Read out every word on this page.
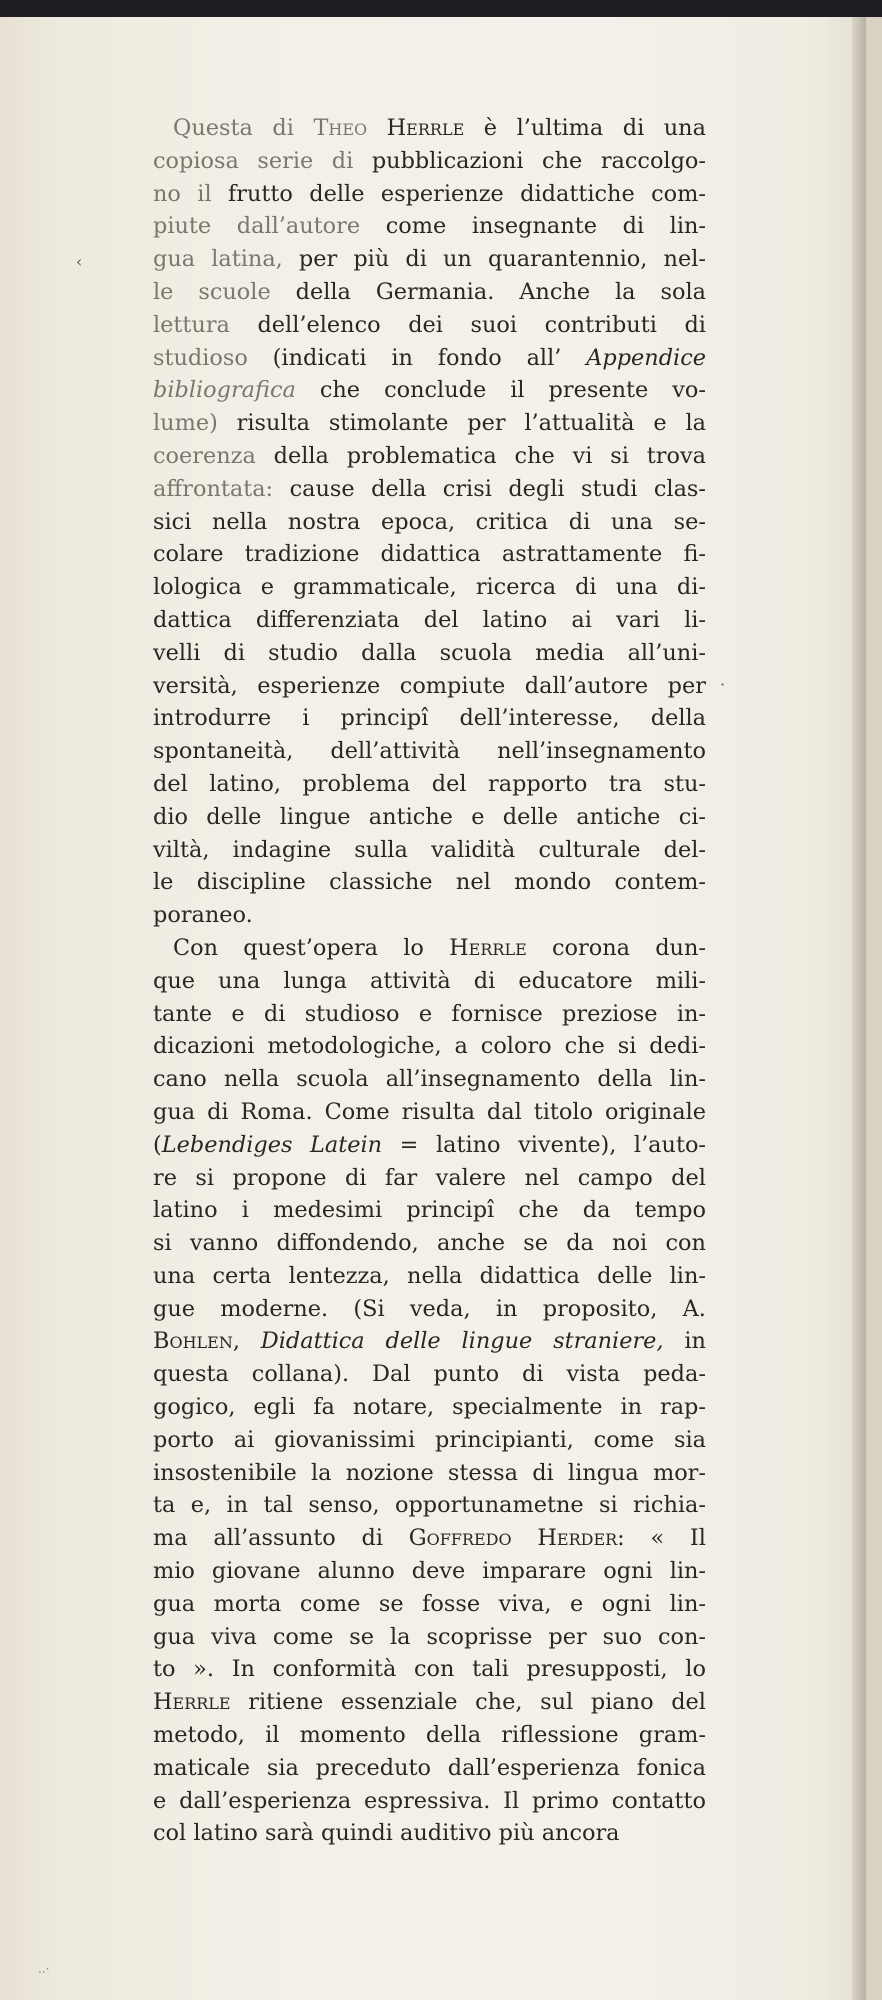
‹
·
..·
Questa di Theo Herrle è l’ultima di una
copiosa serie di pubblicazioni che raccolgo-
no il frutto delle esperienze didattiche com-
piute dall’autore come insegnante di lin-
gua latina, per più di un quarantennio, nel-
le scuole della Germania. Anche la sola
lettura dell’elenco dei suoi contributi di
studioso (indicati in fondo all’ Appendice
bibliografica che conclude il presente vo-
lume) risulta stimolante per l’attualità e la
coerenza della problematica che vi si trova
affrontata: cause della crisi degli studi clas-
sici nella nostra epoca, critica di una se-
colare tradizione didattica astrattamente fi-
lologica e grammaticale, ricerca di una di-
dattica differenziata del latino ai vari li-
velli di studio dalla scuola media all’uni-
versità, esperienze compiute dall’autore per
introdurre i principî dell’interesse, della
spontaneità, dell’attività nell’insegnamento
del latino, problema del rapporto tra stu-
dio delle lingue antiche e delle antiche ci-
viltà, indagine sulla validità culturale del-
le discipline classiche nel mondo contem-
poraneo.
Con quest’opera lo Herrle corona dun-
que una lunga attività di educatore mili-
tante e di studioso e fornisce preziose in-
dicazioni metodologiche, a coloro che si dedi-
cano nella scuola all’insegnamento della lin-
gua di Roma. Come risulta dal titolo originale
(Lebendiges Latein = latino vivente), l’auto-
re si propone di far valere nel campo del
latino i medesimi principî che da tempo
si vanno diffondendo, anche se da noi con
una certa lentezza, nella didattica delle lin-
gue moderne. (Si veda, in proposito, A.
Bohlen, Didattica delle lingue straniere, in
questa collana). Dal punto di vista peda-
gogico, egli fa notare, specialmente in rap-
porto ai giovanissimi principianti, come sia
insostenibile la nozione stessa di lingua mor-
ta e, in tal senso, opportunametne si richia-
ma all’assunto di Goffredo Herder: « Il
mio giovane alunno deve imparare ogni lin-
gua morta come se fosse viva, e ogni lin-
gua viva come se la scoprisse per suo con-
to ». In conformità con tali presupposti, lo
Herrle ritiene essenziale che, sul piano del
metodo, il momento della riflessione gram-
maticale sia preceduto dall’esperienza fonica
e dall’esperienza espressiva. Il primo contatto
col latino sarà quindi auditivo più ancora
